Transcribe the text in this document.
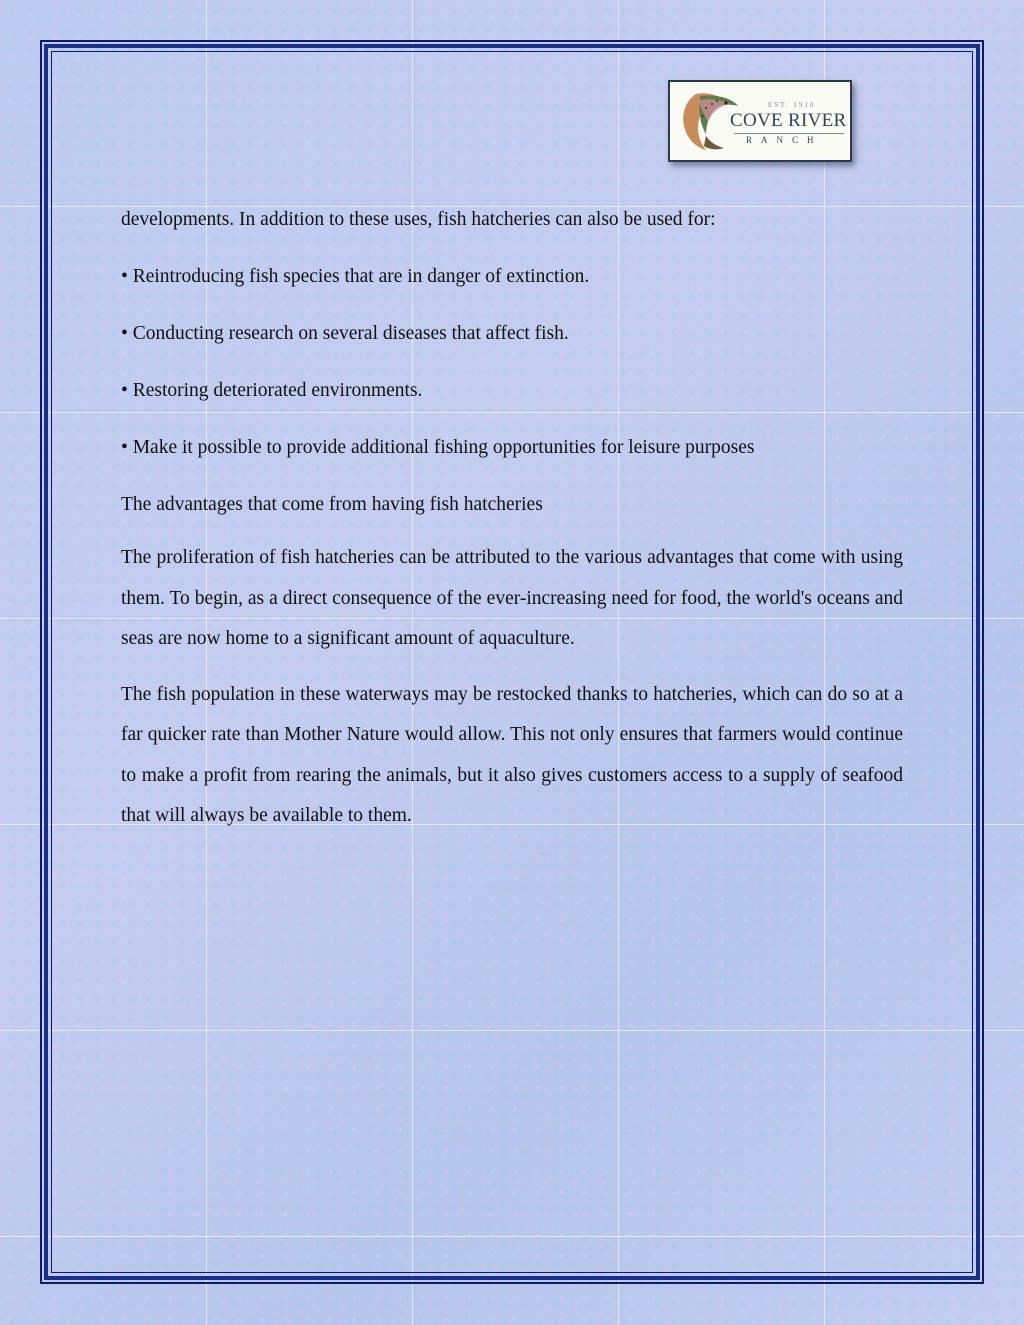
EST. 1910
COVE RIVER
RANCH

developments. In addition to these uses, fish hatcheries can also be used for:

• Reintroducing fish species that are in danger of extinction.

• Conducting research on several diseases that affect fish.

• Restoring deteriorated environments.

• Make it possible to provide additional fishing opportunities for leisure purposes

The advantages that come from having fish hatcheries

The proliferation of fish hatcheries can be attributed to the various advantages that come with using them. To begin, as a direct consequence of the ever-increasing need for food, the world's oceans and seas are now home to a significant amount of aquaculture.

The fish population in these waterways may be restocked thanks to hatcheries, which can do so at a far quicker rate than Mother Nature would allow. This not only ensures that farmers would continue to make a profit from rearing the animals, but it also gives customers access to a supply of seafood that will always be available to them.
